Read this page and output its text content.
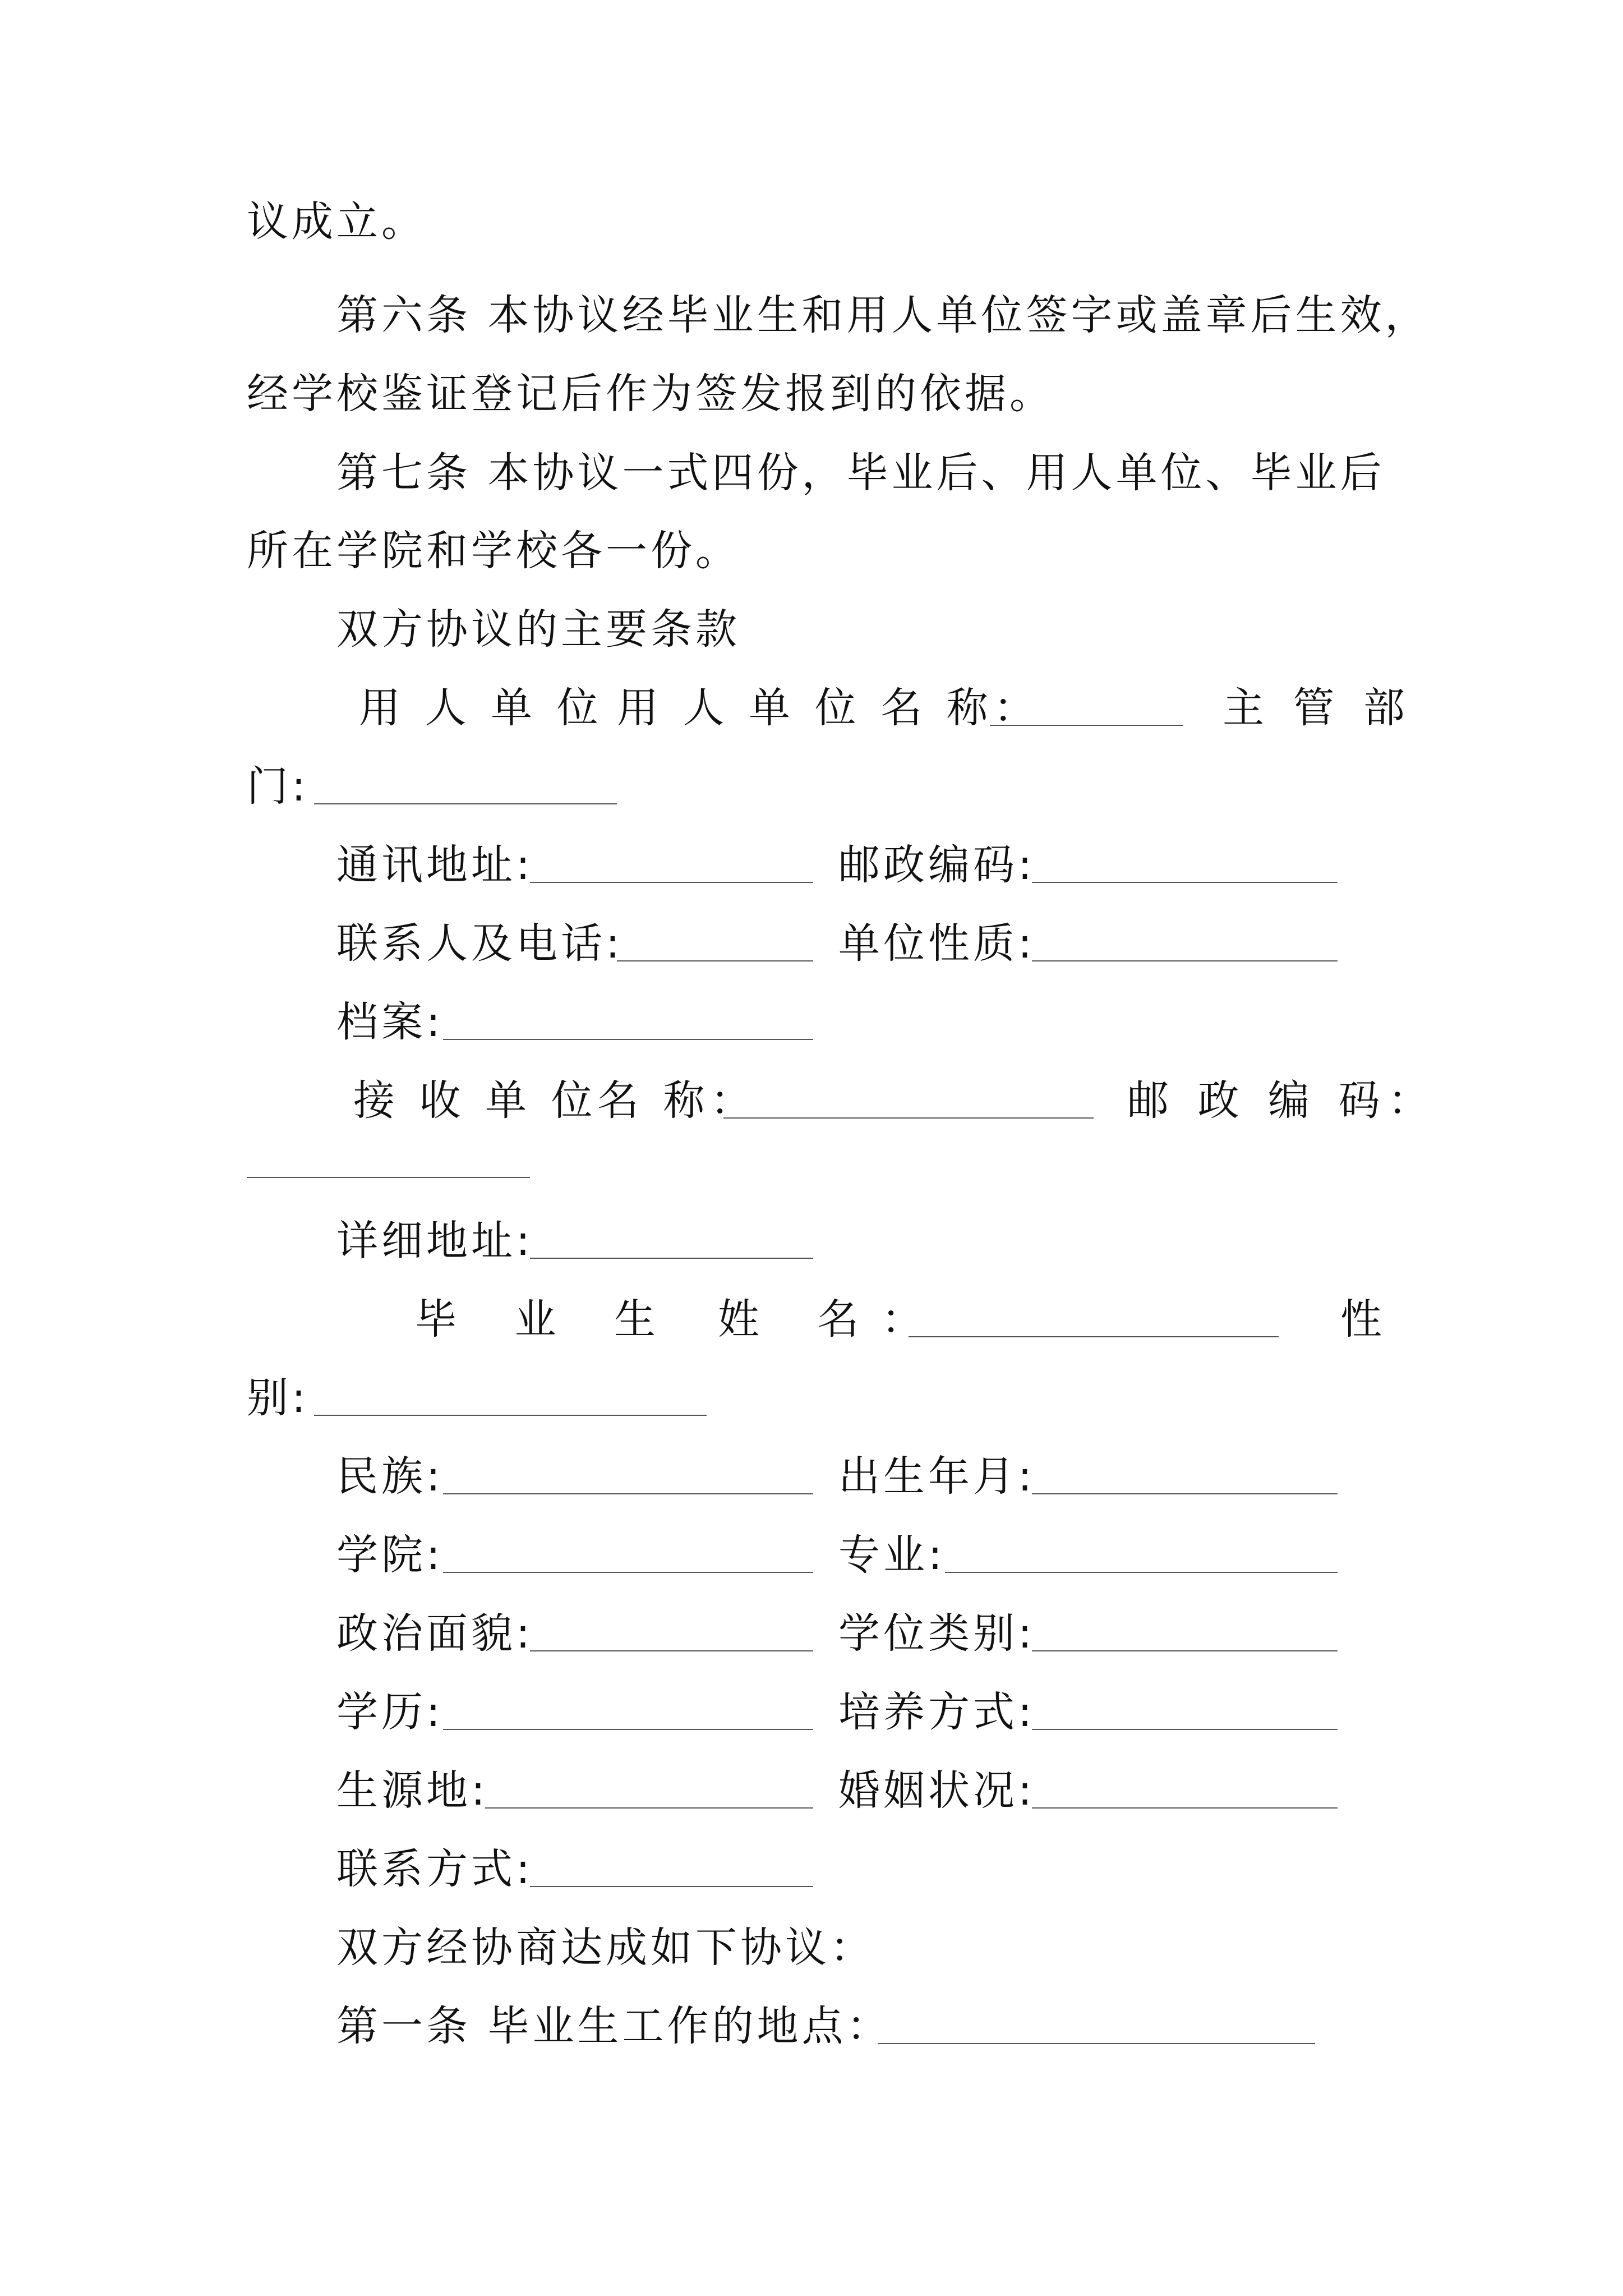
议成立。
第六条 本协议经毕业生和用人单位签字或盖章后生效，
经学校鉴证登记后作为签发报到的依据。
第七条 本协议一式四份，毕业后、用人单位、毕业后
所在学院和学校各一份。
双方协议的主要条款
用 人 单 位 用 人 单 位 名 称：	主 管 部
门:
通讯地址:	邮政编码:
联系人及电话:	单位性质:
档案:
接 收 单 位
名 称：	邮 政 编 码：
详细地址:
毕 业 生 姓 名：	性
别:
民族:	出生年月:
学院:	专业:
政治面貌:	学位类别:
学历:	培养方式:
生源地:	婚姻状况:
联系方式:
双方经协商达成如下协议：
第一条 毕业生工作的地点：
